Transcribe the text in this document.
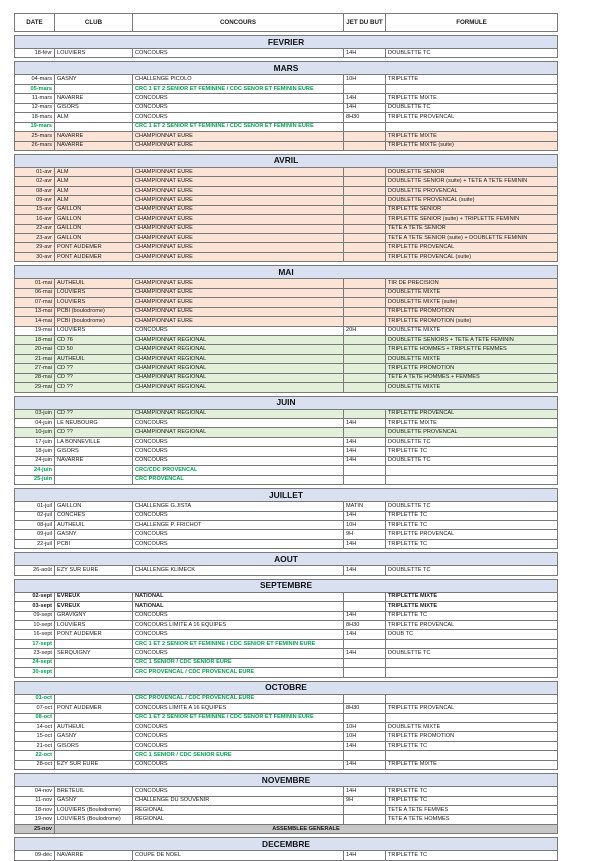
DATE	CLUB	CONCOURS	JET DU BUT	FORMULE

FEVRIER				
18-févr	LOUVIERS	CONCOURS	14H	DOUBLETTE TC

MARS				
04-mars	GASNY	CHALLENGE PICOLO	10H	TRIPLETTE
05-mars		CRC 1 ET 2 SENIOR ET FEMININE / CDC SENOR ET FEMININ EURE		
11-mars	NAVARRE	CONCOURS	14H	TRIPLETTE MIXTE
12-mars	GISORS	CONCOURS	14H	DOUBLETTE TC
18-mars	ALM	CONCOURS	8H30	TRIPLETTE PROVENCAL
19-mars		CRC 1 ET 2 SENIOR ET FEMININE / CDC SENOR ET FEMININ EURE		
25-mars	NAVARRE	CHAMPIONNAT EURE		TRIPLETTE MIXTE
26-mars	NAVARRE	CHAMPIONNAT EURE		TRIPLETTE MIXTE (suite)

AVRIL				
01-avr	ALM	CHAMPIONNAT EURE		DOUBLETTE SENIOR
02-avr	ALM	CHAMPIONNAT EURE		DOUBLETTE SENIOR (suite) + TETE A TETE FEMININ
08-avr	ALM	CHAMPIONNAT EURE		DOUBLETTE PROVENCAL
09-avr	ALM	CHAMPIONNAT EURE		DOUBLETTE PROVENCAL (suite)
15-avr	GAILLON	CHAMPIONNAT EURE		TRIPLETTE SENIOR
16-avr	GAILLON	CHAMPIONNAT EURE		TRIPLETTE SENIOR (suite) + TRIPLETTE FEMININ
22-avr	GAILLON	CHAMPIONNAT EURE		TETE A TETE SENIOR
23-avr	GAILLON	CHAMPIONNAT EURE		TETE A TETE SENIOR (suite) + DOUBLETTE FEMININ
29-avr	PONT AUDEMER	CHAMPIONNAT EURE		TRIPLETTE PROVENCAL
30-avr	PONT AUDEMER	CHAMPIONNAT EURE		TRIPLETTE PROVENCAL (suite)

MAI				
01-mai	AUTHEUIL	CHAMPIONNAT EURE		TIR DE PRECISION
06-mai	LOUVIERS	CHAMPIONNAT EURE		DOUBLETTE MIXTE
07-mai	LOUVIERS	CHAMPIONNAT EURE		DOUBLETTE MIXTE (suite)
13-mai	PCBI (boulodrome)	CHAMPIONNAT EURE		TRIPLETTE PROMOTION
14-mai	PCBI (boulodrome)	CHAMPIONNAT EURE		TRIPLETTE PROMOTION (suite)
19-mai	LOUVIERS	CONCOURS	20H	DOUBLETTE MIXTE
18-mai	CD 76	CHAMPIONNAT REGIONAL		DOUBLETTE SENIORS + TETE A TETE FEMININ
20-mai	CD 50	CHAMPIONNAT REGIONAL		TRIPLETTE HOMMES + TRIPLETTE FEMMES
21-mai	AUTHEUIL	CHAMPIONNAT REGIONAL		DOUBLETTE MIXTE
27-mai	CD ??	CHAMPIONNAT REGIONAL		TRIPLETTE PROMOTION
28-mai	CD ??	CHAMPIONNAT REGIONAL		TETE A TETE HOMMES + FEMMES
29-mai	CD ??	CHAMPIONNAT REGIONAL		DOUBLETTE MIXTE

JUIN				
03-juin	CD ??	CHAMPIONNAT REGIONAL		TRIPLETTE PROVENCAL
04-juin	LE NEUBOURG	CONCOURS	14H	TRIPLETTE MIXTE
10-juin	CD ??	CHAMPIONNAT REGIONAL		DOUBLETTE PROVENCAL
17-juin	LA BONNEVILLE	CONCOURS	14H	DOUBLETTE TC
18-juin	GISORS	CONCOURS	14H	TRIPLETTE TC
24-juin	NAVARRE	CONCOURS	14H	DOUBLETTE TC
24-juin		CRC/CDC PROVENCAL		
25-juin		CRC PROVENCAL		

JUILLET				
01-juil	GAILLON	CHALLENGE G.JISTA	MATIN	DOUBLETTE TC
02-juil	CONCHES	CONCOURS	14H	TRIPLETTE TC
08-juil	AUTHEUIL	CHALLENGE P. FRICHOT	10H	TRIPLETTE TC
09-juil	GASNY	CONCOURS	9H	TRIPLETTE PROVENCAL
22-juil	PCBI	CONCOURS	14H	TRIPLETTE TC

AOUT				
26-août	EZY SUR EURE	CHALLENGE KLIMECK	14H	DOUBLETTE TC

SEPTEMBRE				
02-sept	EVREUX	NATIONAL		TRIPLETTE MIXTE
03-sept	EVREUX	NATIONAL		TRIPLETTE MIXTE
09-sept	GRAVIGNY	CONCOURS	14H	TRIPLETTE TC
10-sept	LOUVIERS	CONCOURS LIMITE A 16 EQUIPES	8H30	TRIPLETTE PROVENCAL
16-sept	PONT AUDEMER	CONCOURS	14H	DOUB TC
17-sept		CRC 1 ET 2 SENIOR ET FEMININE / CDC SENIOR ET FEMININ EURE		
23-sept	SERQUIGNY	CONCOURS	14H	DOUBLETTE TC
24-sept		CRC 1 SENIOR / CDC SENIOR EURE		
30-sept		CRC PROVENCAL / CDC PROVENCAL EURE		

OCTOBRE				
01-oct		CRC PROVENCAL / CDC PROVENCAL EURE		
07-oct	PONT AUDEMER	CONCOURS LIMITE A 16 EQUIPES	8H30	TRIPLETTE PROVENCAL
08-oct		CRC 1 ET 2 SENIOR ET FEMININE / CDC SENOR ET FEMININ EURE		
14-oct	AUTHEUIL	CONCOURS	10H	DOUBLETTE MIXTE
15-oct	GASNY	CONCOURS	10H	TRIPLETTE PROMOTION
21-oct	GISORS	CONCOURS	14H	TRIPLETTE TC
22-oct		CRC 1 SENIOR / CDC SENIOR EURE		
28-oct	EZY SUR EURE	CONCOURS	14H	TRIPLETTE MIXTE

NOVEMBRE				
04-nov	BRETEUIL	CONCOURS	14H	TRIPLETTE TC
11-nov	GASNY	CHALLENGE DU SOUVENIR	9H	TRIPLETTE TC
18-nov	LOUVIERS (Boulodrome)	REGIONAL		TETE A TETE FEMMES
19-nov	LOUVIERS (Boulodrome)	REGIONAL		TETE A TETE HOMMES
25-nov	ASSEMBLEE GENERALE			

DECEMBRE				
09-déc	NAVARRE	COUPE DE NOEL	14H	TRIPLETTE TC
